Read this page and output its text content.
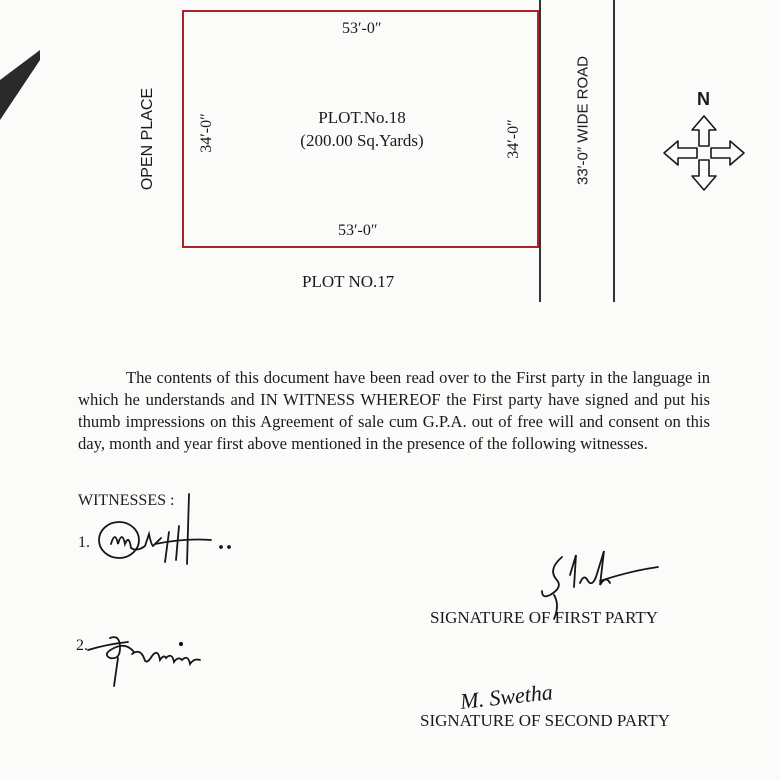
53′-0″
53′-0″
34′-0″	34′-0″
PLOT.No.18
(200.00 Sq.Yards)
OPEN PLACE	33′-0″ WIDE ROAD
PLOT NO.17
N
The contents of this document have been read over to the First party in the language in which he understands and IN WITNESS WHEREOF the First party have signed and put his thumb impressions on this Agreement of sale cum G.P.A. out of free will and consent on this day, month and year first above mentioned in the presence of the following witnesses.
WITNESSES :
1.
2.
SIGNATURE OF FIRST PARTY
M. Swetha
SIGNATURE OF SECOND PARTY
